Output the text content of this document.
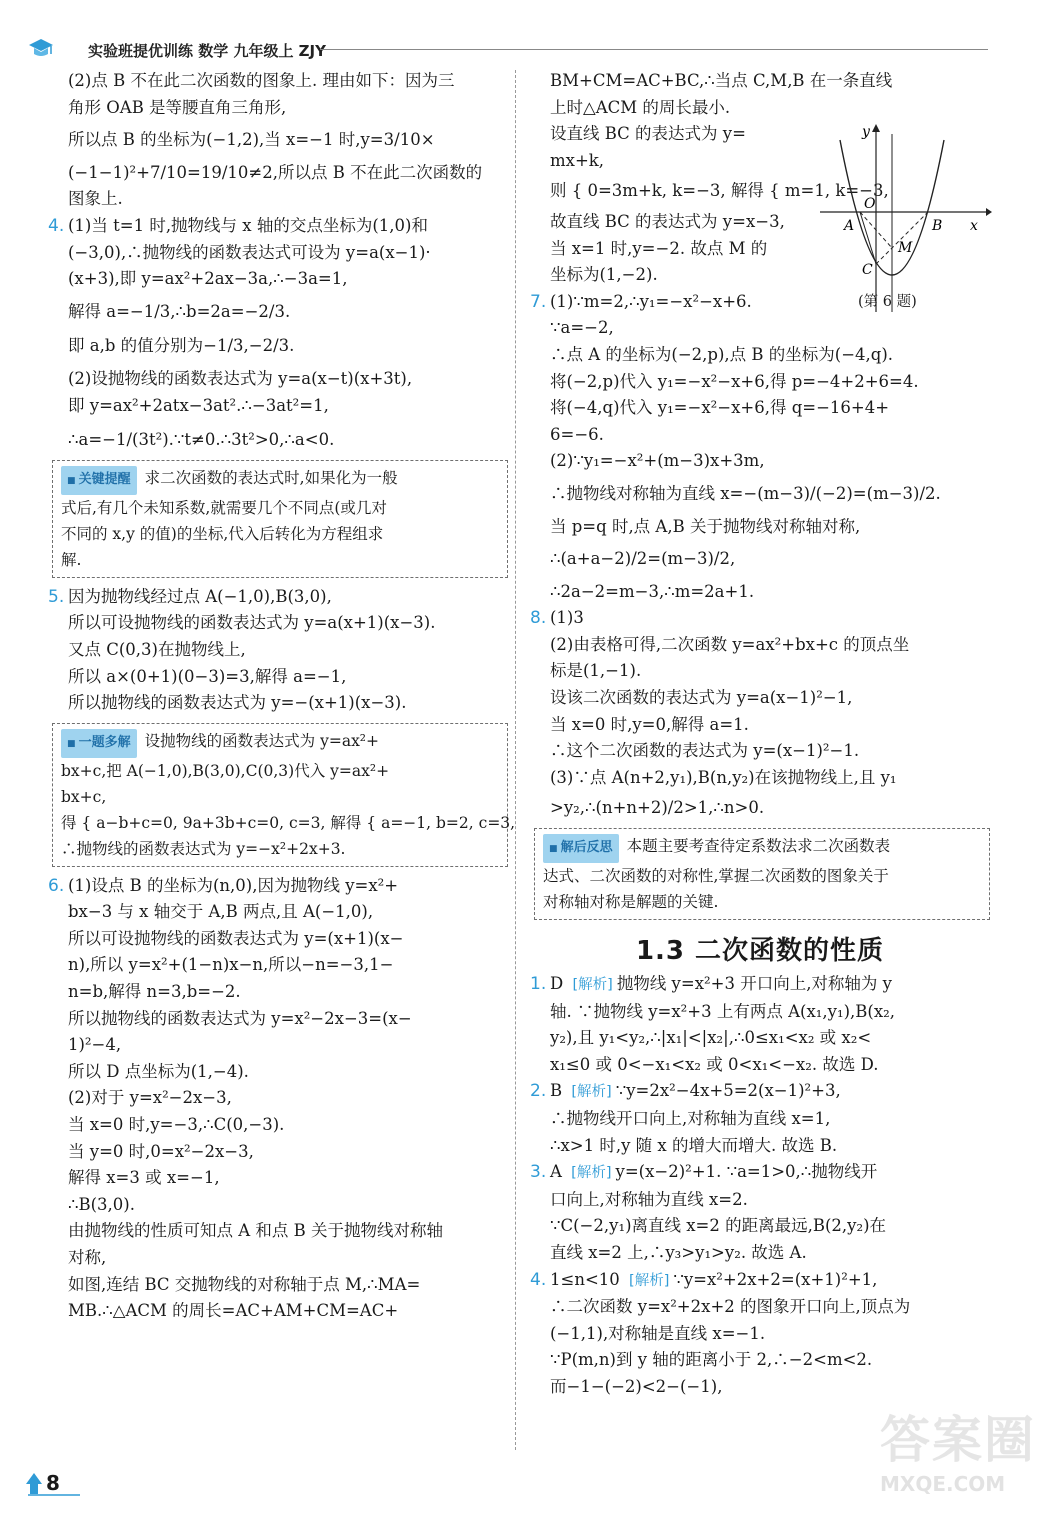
实验班提优训练 数学 九年级上 ZJY
(2)点 B 不在此二次函数的图象上. 理由如下：因为三
角形 OAB 是等腰直角三角形,
所以点 B 的坐标为(−1,2),当 x=−1 时,y=3/10×
(−1−1)²+7/10=19/10≠2,所以点 B 不在此二次函数的
图象上.
4. (1)当 t=1 时,抛物线与 x 轴的交点坐标为(1,0)和
(−3,0),∴抛物线的函数表达式可设为 y=a(x−1)·
(x+3),即 y=ax²+2ax−3a,∴−3a=1,
解得 a=−1/3,∴b=2a=−2/3.
即 a,b 的值分别为−1/3,−2/3.
(2)设抛物线的函数表达式为 y=a(x−t)(x+3t),
即 y=ax²+2atx−3at².∴−3at²=1,
∴a=−1/(3t²).∵t≠0.∴3t²>0,∴a<0.
■ 关键提醒 求二次函数的表达式时,如果化为一般
式后,有几个未知系数,就需要几个不同点(或几对
不同的 x,y 的值)的坐标,代入后转化为方程组求
解.
5. 因为抛物线经过点 A(−1,0),B(3,0),
所以可设抛物线的函数表达式为 y=a(x+1)(x−3).
又点 C(0,3)在抛物线上,
所以 a×(0+1)(0−3)=3,解得 a=−1,
所以抛物线的函数表达式为 y=−(x+1)(x−3).
■ 一题多解 设抛物线的函数表达式为 y=ax²+
bx+c,把 A(−1,0),B(3,0),C(0,3)代入 y=ax²+
bx+c,
得 { a−b+c=0, 9a+3b+c=0, c=3, 解得 { a=−1, b=2, c=3,
∴抛物线的函数表达式为 y=−x²+2x+3.
6. (1)设点 B 的坐标为(n,0),因为抛物线 y=x²+
bx−3 与 x 轴交于 A,B 两点,且 A(−1,0),
所以可设抛物线的函数表达式为 y=(x+1)(x−
n),所以 y=x²+(1−n)x−n,所以−n=−3,1−
n=b,解得 n=3,b=−2.
所以抛物线的函数表达式为 y=x²−2x−3=(x−
1)²−4,
所以 D 点坐标为(1,−4).
(2)对于 y=x²−2x−3,
当 x=0 时,y=−3,∴C(0,−3).
当 y=0 时,0=x²−2x−3,
解得 x=3 或 x=−1,
∴B(3,0).
由抛物线的性质可知点 A 和点 B 关于抛物线对称轴
对称,
如图,连结 BC 交抛物线的对称轴于点 M,∴MA=
MB.∴△ACM 的周长=AC+AM+CM=AC+
BM+CM=AC+BC,∴当点 C,M,B 在一条直线
上时△ACM 的周长最小.
设直线 BC 的表达式为 y=
mx+k,
则 { 0=3m+k, k=−3, 解得 { m=1, k=−3,
故直线 BC 的表达式为 y=x−3,
当 x=1 时,y=−2. 故点 M 的
坐标为(1,−2).
7. (1)∵m=2,∴y₁=−x²−x+6.
∵a=−2,
∴点 A 的坐标为(−2,p),点 B 的坐标为(−4,q).
将(−2,p)代入 y₁=−x²−x+6,得 p=−4+2+6=4.
将(−4,q)代入 y₁=−x²−x+6,得 q=−16+4+
6=−6.
(2)∵y₁=−x²+(m−3)x+3m,
∴抛物线对称轴为直线 x=−(m−3)/(−2)=(m−3)/2.
当 p=q 时,点 A,B 关于抛物线对称轴对称,
∴(a+a−2)/2=(m−3)/2,
∴2a−2=m−3,∴m=2a+1.
8. (1)3
(2)由表格可得,二次函数 y=ax²+bx+c 的顶点坐
标是(1,−1).
设该二次函数的表达式为 y=a(x−1)²−1,
当 x=0 时,y=0,解得 a=1.
∴这个二次函数的表达式为 y=(x−1)²−1.
(3)∵点 A(n+2,y₁),B(n,y₂)在该抛物线上,且 y₁
>y₂,∴(n+n+2)/2>1,∴n>0.
■ 解后反思 本题主要考查待定系数法求二次函数表
达式、二次函数的对称性,掌握二次函数的图象关于
对称轴对称是解题的关键.
1.3 二次函数的性质
1. D [解析] 抛物线 y=x²+3 开口向上,对称轴为 y
轴. ∵抛物线 y=x²+3 上有两点 A(x₁,y₁),B(x₂,
y₂),且 y₁<y₂,∴|x₁|<|x₂|,∴0≤x₁<x₂ 或 x₂<
x₁≤0 或 0<−x₁<x₂ 或 0<x₁<−x₂. 故选 D.
2. B [解析] ∵y=2x²−4x+5=2(x−1)²+3,
∴抛物线开口向上,对称轴为直线 x=1,
∴x>1 时,y 随 x 的增大而增大. 故选 B.
3. A [解析] y=(x−2)²+1. ∵a=1>0,∴抛物线开
口向上,对称轴为直线 x=2.
∵C(−2,y₁)离直线 x=2 的距离最远,B(2,y₂)在
直线 x=2 上,∴y₃>y₁>y₂. 故选 A.
4. 1≤n<10 [解析] ∵y=x²+2x+2=(x+1)²+1,
∴二次函数 y=x²+2x+2 的图象开口向上,顶点为
(−1,1),对称轴是直线 x=−1.
∵P(m,n)到 y 轴的距离小于 2,∴−2<m<2.
而−1−(−2)<2−(−1),
y
x
O
A	B
C
M
(第 6 题)
8
答案圈
MXQE.COM
